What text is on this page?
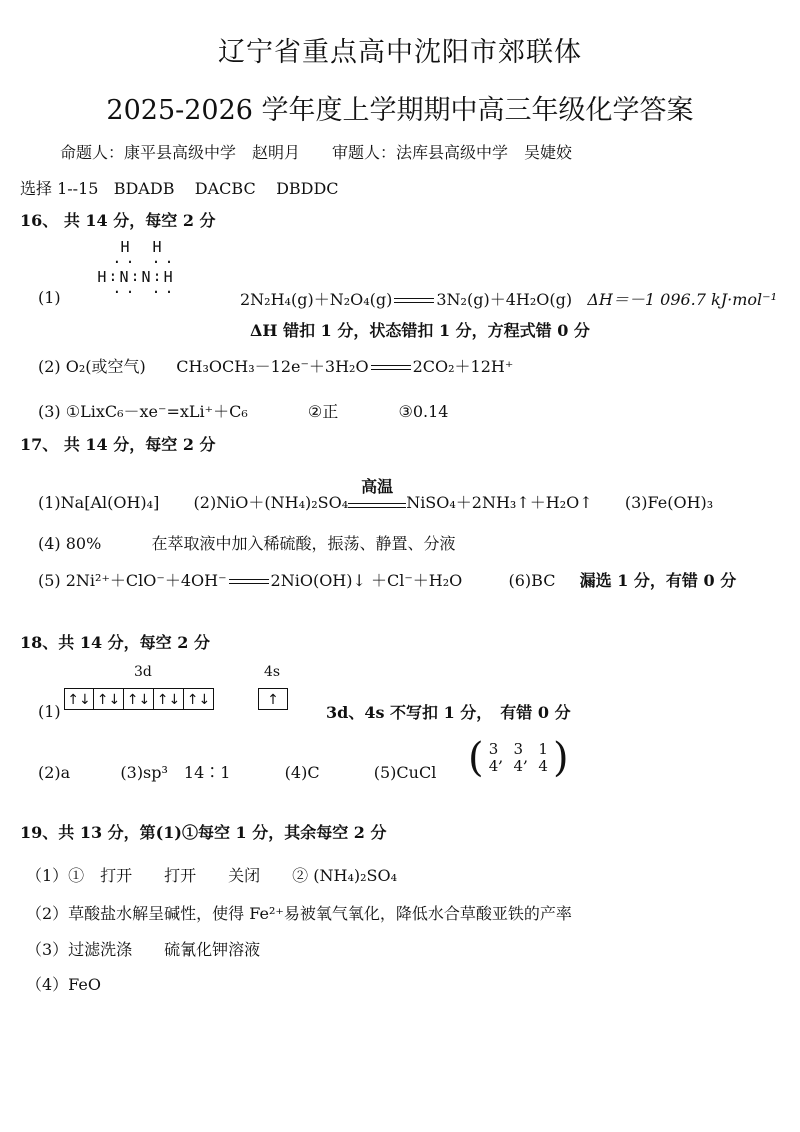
辽宁省重点高中沈阳市郊联体
2025-2026 学年度上学期期中高三年级化学答案
命题人：康平县高级中学　赵明月　　审题人：法库县高级中学　吴婕姣
选择 1--15 BDADB DACBC DBDDC
16、 共 14 分，每空 2 分
(1)
H　H
·· ··
H∶N∶N∶H
·· ··	2N₂H₄(g)＋N₂O₄(g)	3N₂(g)＋4H₂O(g) ΔH＝－1 096.7 kJ·mol⁻¹
ΔH 错扣 1 分，状态错扣 1 分，方程式错 0 分
(2) O₂(或空气) CH₃OCH₃－12e⁻＋3H₂O	2CO₂＋12H⁺
(3) ①LixC₆－xe⁻=xLi⁺＋C₆	②正	③0.14
17、 共 14 分，每空 2 分
(1)Na[Al(OH)₄] (2)NiO＋(NH₄)₂SO₄
高温
NiSO₄＋2NH₃↑＋H₂O↑ (3)Fe(OH)₃
(4) 80%	在萃取液中加入稀硫酸，振荡、静置、分液
(5) 2Ni²⁺＋ClO⁻＋4OH⁻	2NiO(OH)↓ ＋Cl⁻＋H₂O	(6)BC 漏选 1 分，有错 0 分
18、共 14 分，每空 2 分
3d	4s
(1)
↑↓ ↑↓ ↑↓ ↑↓ ↑↓	↑
3d、4s 不写扣 1 分，　有错 0 分
(2)a	(3)sp³　14∶1	(4)C	(5)CuCl ( 3
4 , 3
4 , 1
4 )
19、共 13 分，第(1)①每空 1 分，其余每空 2 分
（1）①　打开　　打开　　关闭　　② (NH₄)₂SO₄
（2）草酸盐水解呈碱性，使得 Fe²⁺易被氧气氧化，降低水合草酸亚铁的产率
（3）过滤洗涤　　硫氰化钾溶液
（4）FeO
